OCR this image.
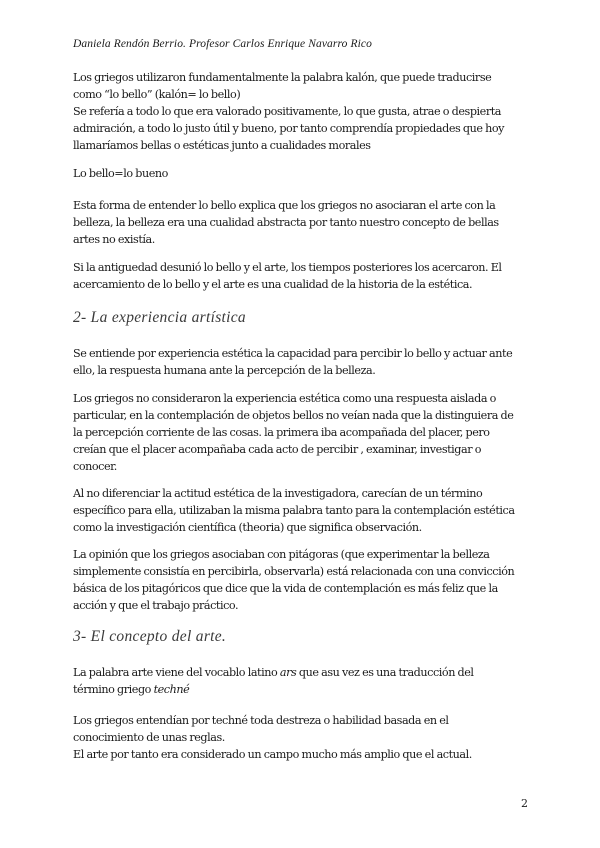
Daniela Rendón Berrio. Profesor Carlos Enrique Navarro Rico
Los griegos utilizaron fundamentalmente la palabra kalón, que puede traducirse
como “lo bello” (kalón= lo bello)
Se refería a todo lo que era valorado positivamente, lo que gusta, atrae o despierta
admiración, a todo lo justo útil y bueno, por tanto comprendía propiedades que hoy
llamaríamos bellas o estéticas junto a cualidades morales
Lo bello=lo bueno
Esta forma de entender lo bello explica que los griegos no asociaran el arte con la
belleza, la belleza era una cualidad abstracta por tanto nuestro concepto de bellas
artes no existía.
Si la antiguedad desunió lo bello y el arte, los tiempos posteriores los acercaron. El
acercamiento de lo bello y el arte es una cualidad de la historia de la estética.
2- La experiencia artística
Se entiende por experiencia estética la capacidad para percibir lo bello y actuar ante
ello, la respuesta humana ante la percepción de la belleza.
Los griegos no consideraron la experiencia estética como una respuesta aislada o
particular, en la contemplación de objetos bellos no veían nada que la distinguiera de
la percepción corriente de las cosas. la primera iba acompañada del placer, pero
creían que el placer acompañaba cada acto de percibir , examinar, investigar o
conocer.
Al no diferenciar la actitud estética de la investigadora, carecían de un término
específico para ella, utilizaban la misma palabra tanto para la contemplación estética
como la investigación científica (theoria) que significa observación.
La opinión que los griegos asociaban con pitágoras (que experimentar la belleza
simplemente consistía en percibirla, observarla) está relacionada con una convicción
básica de los pitagóricos que dice que la vida de contemplación es más feliz que la
acción y que el trabajo práctico.
3- El concepto del arte.
La palabra arte viene del vocablo latino ars que asu vez es una traducción del
término griego techné
Los griegos entendían por techné toda destreza o habilidad basada en el
conocimiento de unas reglas.
El arte por tanto era considerado un campo mucho más amplio que el actual.
2
